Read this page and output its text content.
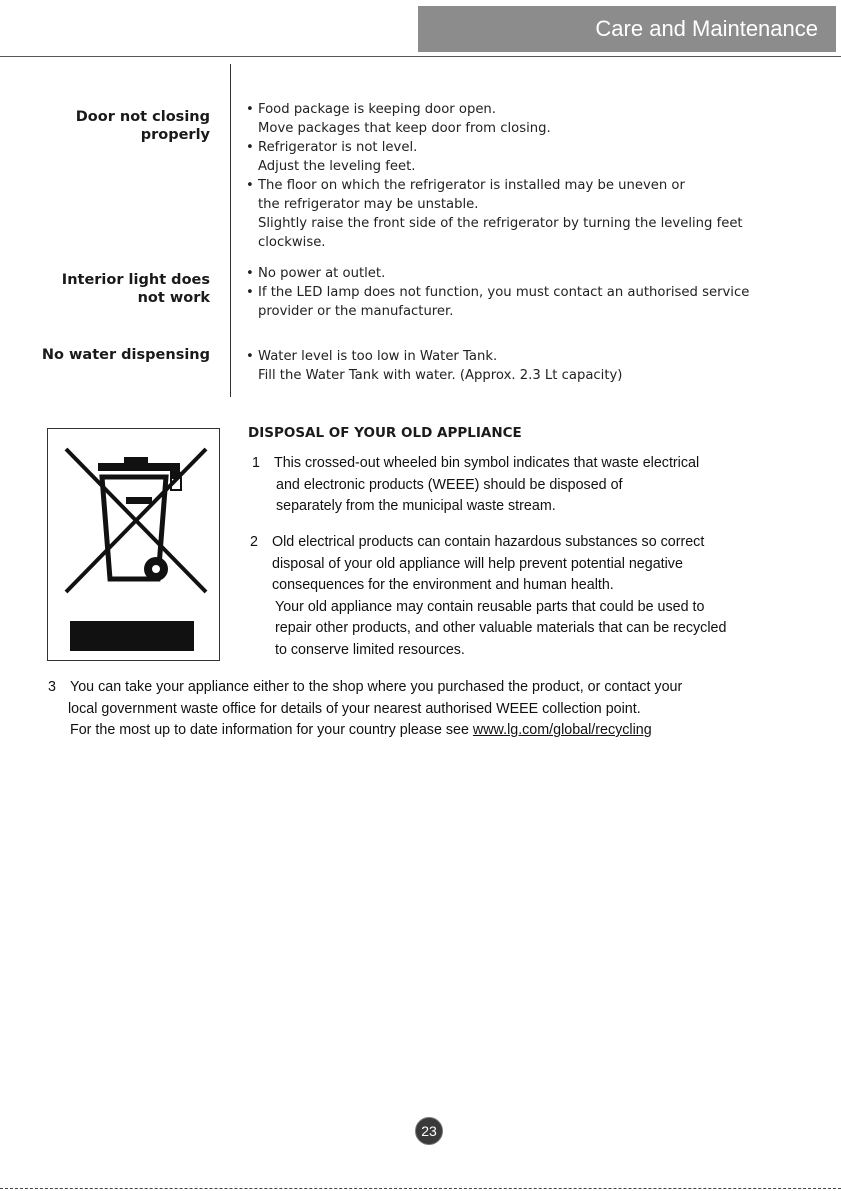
Care and Maintenance
Door not closing
properly
• Food package is keeping door open.
Move packages that keep door from closing.
• Refrigerator is not level.
Adjust the leveling feet.
• The floor on which the refrigerator is installed may be uneven or
the refrigerator may be unstable.
Slightly raise the front side of the refrigerator by turning the leveling feet
clockwise.
Interior light does
not work
• No power at outlet.
• If the LED lamp does not function, you must contact an authorised service
provider or the manufacturer.
No water dispensing	• Water level is too low in Water Tank.
Fill the Water Tank with water. (Approx. 2.3 Lt capacity)
DISPOSAL OF YOUR OLD APPLIANCE
1 This crossed-out wheeled bin symbol indicates that waste electrical
and electronic products (WEEE) should be disposed of
separately from the municipal waste stream.
2 Old electrical products can contain hazardous substances so correct
disposal of your old appliance will help prevent potential negative
consequences for the environment and human health.
Your old appliance may contain reusable parts that could be used to
repair other products, and other valuable materials that can be recycled
to conserve limited resources.
3 You can take your appliance either to the shop where you purchased the product, or contact your
local government waste office for details of your nearest authorised WEEE collection point.
For the most up to date information for your country please see www.lg.com/global/recycling
23
